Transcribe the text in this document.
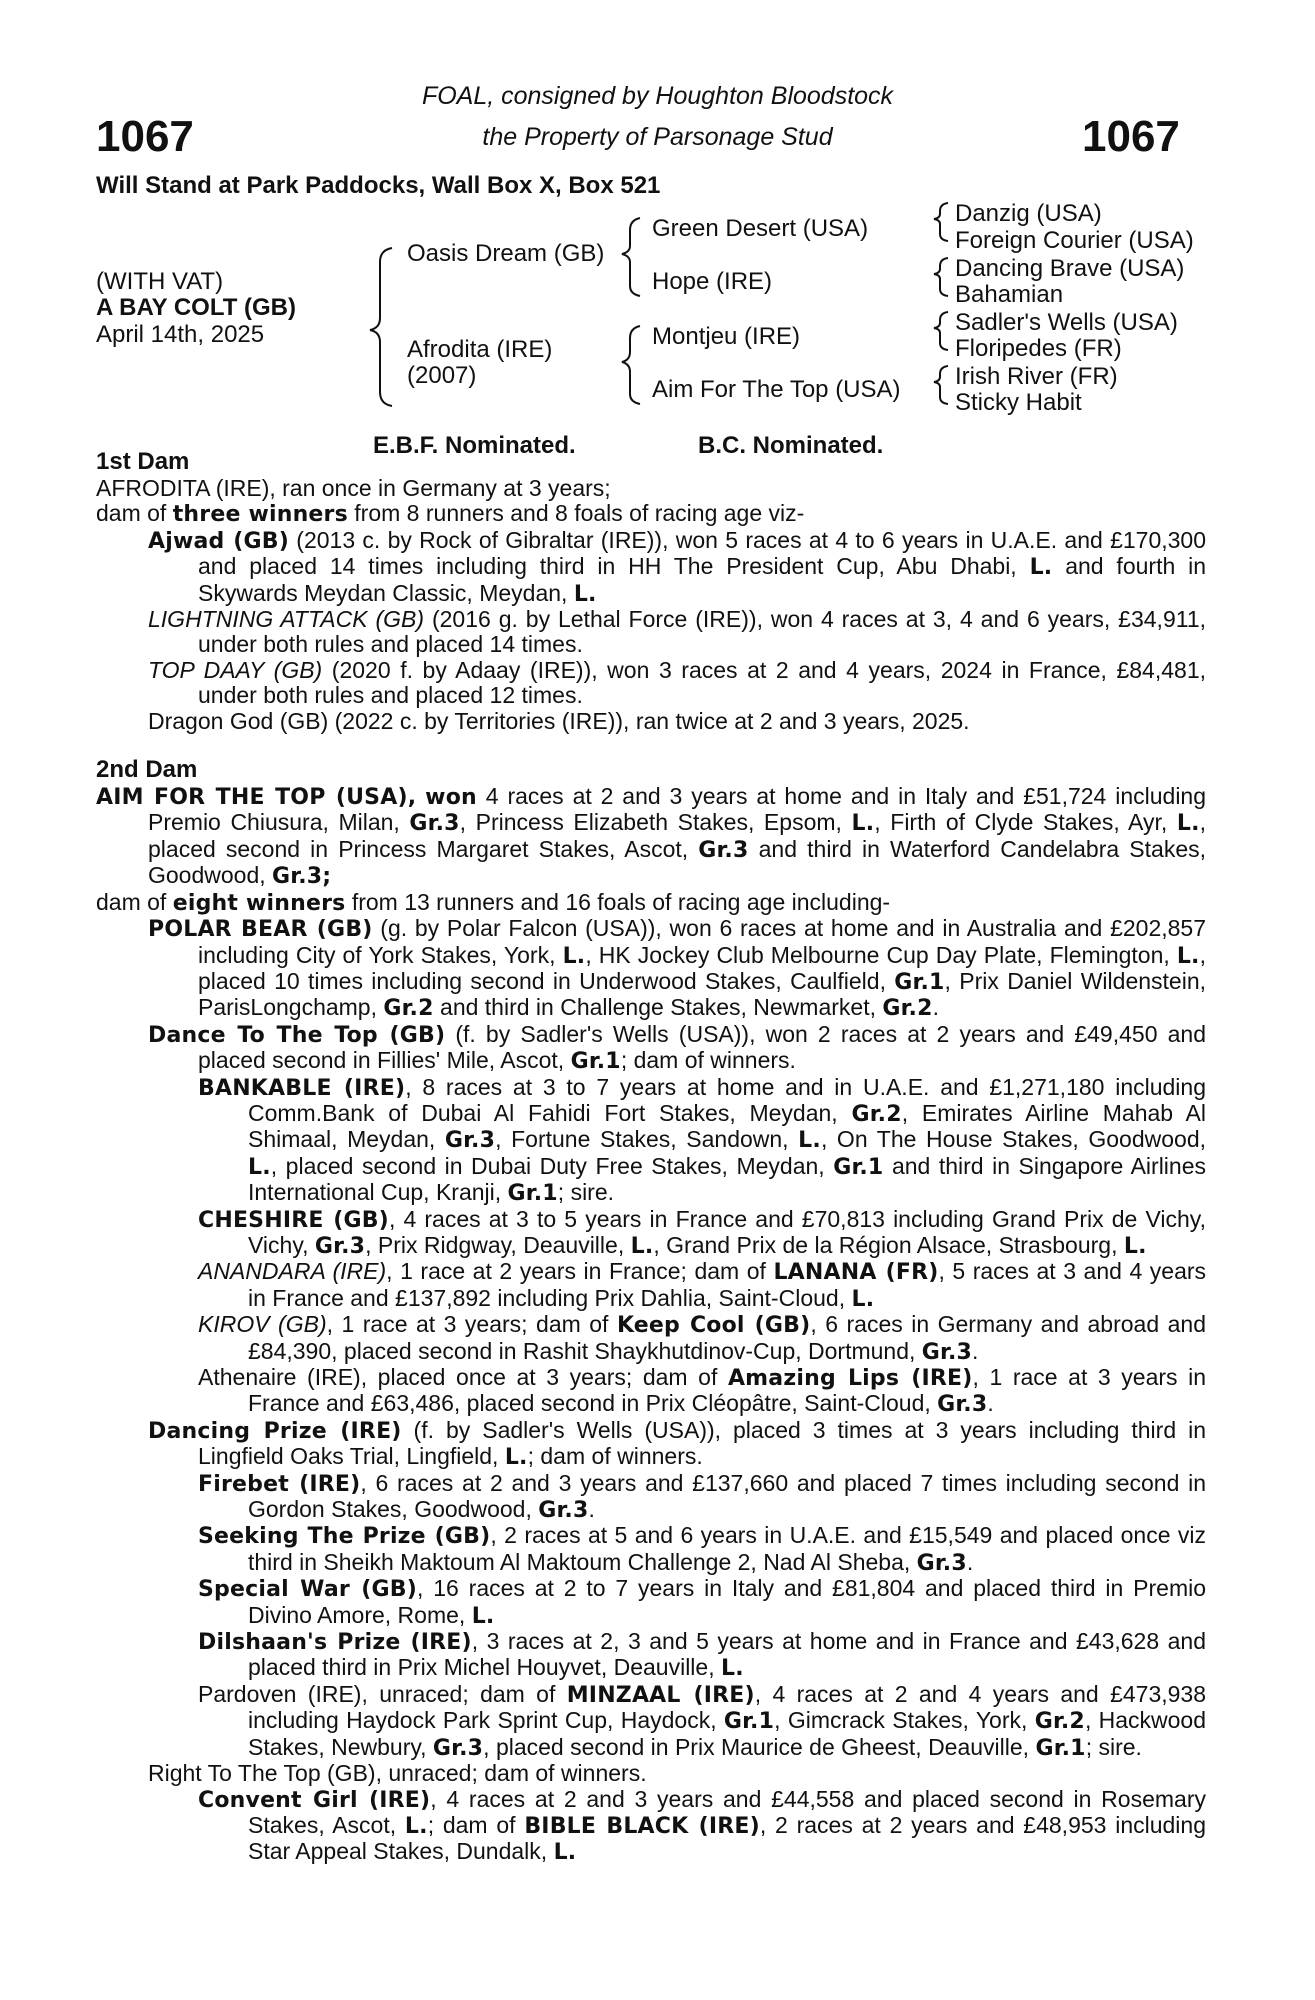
1067	1067
FOAL, consigned by Houghton Bloodstock
the Property of Parsonage Stud
Will Stand at Park Paddocks, Wall Box X, Box 521
(WITH VAT)
A BAY COLT (GB)
April 14th, 2025
Oasis Dream (GB)
Afrodita (IRE)
(2007)
Green Desert (USA)
Hope (IRE)
Montjeu (IRE)
Aim For The Top (USA)
Danzig (USA)
Foreign Courier (USA)
Dancing Brave (USA)
Bahamian
Sadler's Wells (USA)
Floripedes (FR)
Irish River (FR)
Sticky Habit
E.B.F. Nominated.	B.C. Nominated.
1st Dam

AFRODITA (IRE), ran once in Germany at 3 years;

dam of three winners from 8 runners and 8 foals of racing age viz-

Ajwad (GB) (2013 c. by Rock of Gibraltar (IRE)), won 5 races at 4 to 6 years in U.A.E. and £170,300 and placed 14 times including third in HH The President Cup, Abu Dhabi, L. and fourth in Skywards Meydan Classic, Meydan, L.

LIGHTNING ATTACK (GB) (2016 g. by Lethal Force (IRE)), won 4 races at 3, 4 and 6 years, £34,911, under both rules and placed 14 times.

TOP DAAY (GB) (2020 f. by Adaay (IRE)), won 3 races at 2 and 4 years, 2024 in France, £84,481, under both rules and placed 12 times.

Dragon God (GB) (2022 c. by Territories (IRE)), ran twice at 2 and 3 years, 2025.

2nd Dam

AIM FOR THE TOP (USA), won 4 races at 2 and 3 years at home and in Italy and £51,724 including Premio Chiusura, Milan, Gr.3, Princess Elizabeth Stakes, Epsom, L., Firth of Clyde Stakes, Ayr, L., placed second in Princess Margaret Stakes, Ascot, Gr.3 and third in Waterford Candelabra Stakes, Goodwood, Gr.3;

dam of eight winners from 13 runners and 16 foals of racing age including-

POLAR BEAR (GB) (g. by Polar Falcon (USA)), won 6 races at home and in Australia and £202,857 including City of York Stakes, York, L., HK Jockey Club Melbourne Cup Day Plate, Flemington, L., placed 10 times including second in Underwood Stakes, Caulfield, Gr.1, Prix Daniel Wildenstein, ParisLongchamp, Gr.2 and third in Challenge Stakes, Newmarket, Gr.2.

Dance To The Top (GB) (f. by Sadler's Wells (USA)), won 2 races at 2 years and £49,450 and placed second in Fillies' Mile, Ascot, Gr.1; dam of winners.

BANKABLE (IRE), 8 races at 3 to 7 years at home and in U.A.E. and £1,271,180 including Comm.Bank of Dubai Al Fahidi Fort Stakes, Meydan, Gr.2, Emirates Airline Mahab Al Shimaal, Meydan, Gr.3, Fortune Stakes, Sandown, L., On The House Stakes, Goodwood, L., placed second in Dubai Duty Free Stakes, Meydan, Gr.1 and third in Singapore Airlines International Cup, Kranji, Gr.1; sire.

CHESHIRE (GB), 4 races at 3 to 5 years in France and £70,813 including Grand Prix de Vichy, Vichy, Gr.3, Prix Ridgway, Deauville, L., Grand Prix de la Région Alsace, Strasbourg, L.

ANANDARA (IRE), 1 race at 2 years in France; dam of LANANA (FR), 5 races at 3 and 4 years in France and £137,892 including Prix Dahlia, Saint-Cloud, L.

KIROV (GB), 1 race at 3 years; dam of Keep Cool (GB), 6 races in Germany and abroad and £84,390, placed second in Rashit Shaykhutdinov-Cup, Dortmund, Gr.3.

Athenaire (IRE), placed once at 3 years; dam of Amazing Lips (IRE), 1 race at 3 years in France and £63,486, placed second in Prix Cléopâtre, Saint-Cloud, Gr.3.

Dancing Prize (IRE) (f. by Sadler's Wells (USA)), placed 3 times at 3 years including third in Lingfield Oaks Trial, Lingfield, L.; dam of winners.

Firebet (IRE), 6 races at 2 and 3 years and £137,660 and placed 7 times including second in Gordon Stakes, Goodwood, Gr.3.

Seeking The Prize (GB), 2 races at 5 and 6 years in U.A.E. and £15,549 and placed once viz third in Sheikh Maktoum Al Maktoum Challenge 2, Nad Al Sheba, Gr.3.

Special War (GB), 16 races at 2 to 7 years in Italy and £81,804 and placed third in Premio Divino Amore, Rome, L.

Dilshaan's Prize (IRE), 3 races at 2, 3 and 5 years at home and in France and £43,628 and placed third in Prix Michel Houyvet, Deauville, L.

Pardoven (IRE), unraced; dam of MINZAAL (IRE), 4 races at 2 and 4 years and £473,938 including Haydock Park Sprint Cup, Haydock, Gr.1, Gimcrack Stakes, York, Gr.2, Hackwood Stakes, Newbury, Gr.3, placed second in Prix Maurice de Gheest, Deauville, Gr.1; sire.

Right To The Top (GB), unraced; dam of winners.

Convent Girl (IRE), 4 races at 2 and 3 years and £44,558 and placed second in Rosemary Stakes, Ascot, L.; dam of BIBLE BLACK (IRE), 2 races at 2 years and £48,953 including Star Appeal Stakes, Dundalk, L.
